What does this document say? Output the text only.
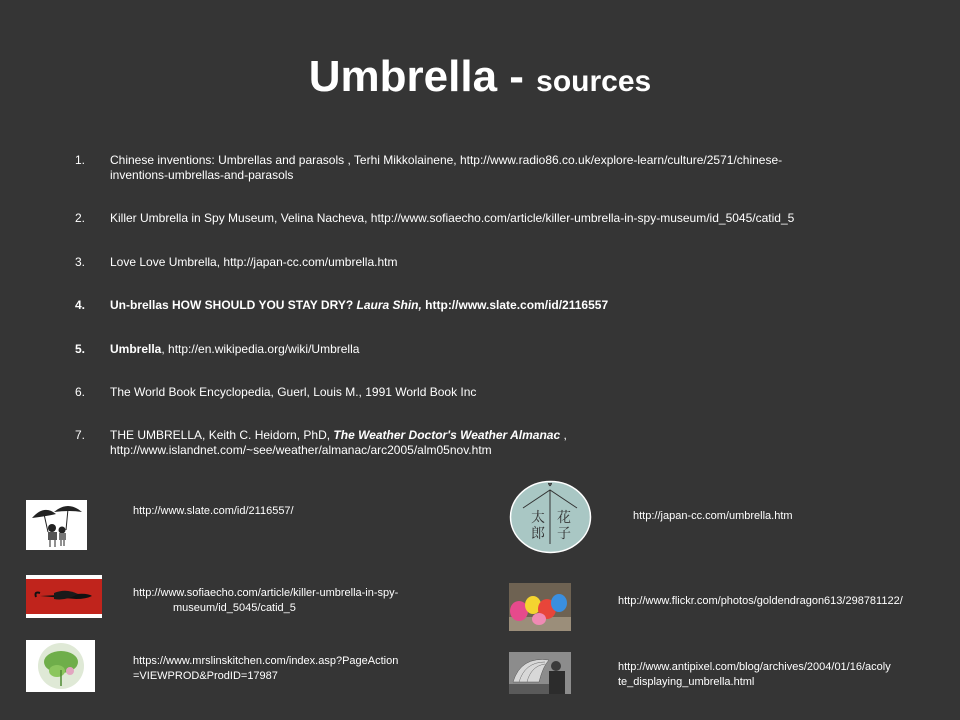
Umbrella - sources
1. Chinese inventions: Umbrellas and parasols , Terhi Mikkolainene, http://www.radio86.co.uk/explore-learn/culture/2571/chinese-inventions-umbrellas-and-parasols
2. Killer Umbrella in Spy Museum, Velina Nacheva, http://www.sofiaecho.com/article/killer-umbrella-in-spy-museum/id_5045/catid_5
3. Love Love Umbrella, http://japan-cc.com/umbrella.htm
4. Un-brellas HOW SHOULD YOU STAY DRY? Laura Shin, http://www.slate.com/id/2116557
5. Umbrella, http://en.wikipedia.org/wiki/Umbrella
6. The World Book Encyclopedia, Guerl, Louis M., 1991 World Book Inc
7. THE UMBRELLA, Keith C. Heidorn, PhD, The Weather Doctor's Weather Almanac , http://www.islandnet.com/~see/weather/almanac/arc2005/alm05nov.htm
http://www.slate.com/id/2116557/
http://www.sofiaecho.com/article/killer-umbrella-in-spy-
museum/id_5045/catid_5
https://www.mrslinskitchen.com/index.asp?PageAction
=VIEWPROD&ProdID=17987
太
郎
花
子
http://japan-cc.com/umbrella.htm
http://www.flickr.com/photos/goldendragon613/298781122/
http://www.antipixel.com/blog/archives/2004/01/16/acoly
te_displaying_umbrella.html
